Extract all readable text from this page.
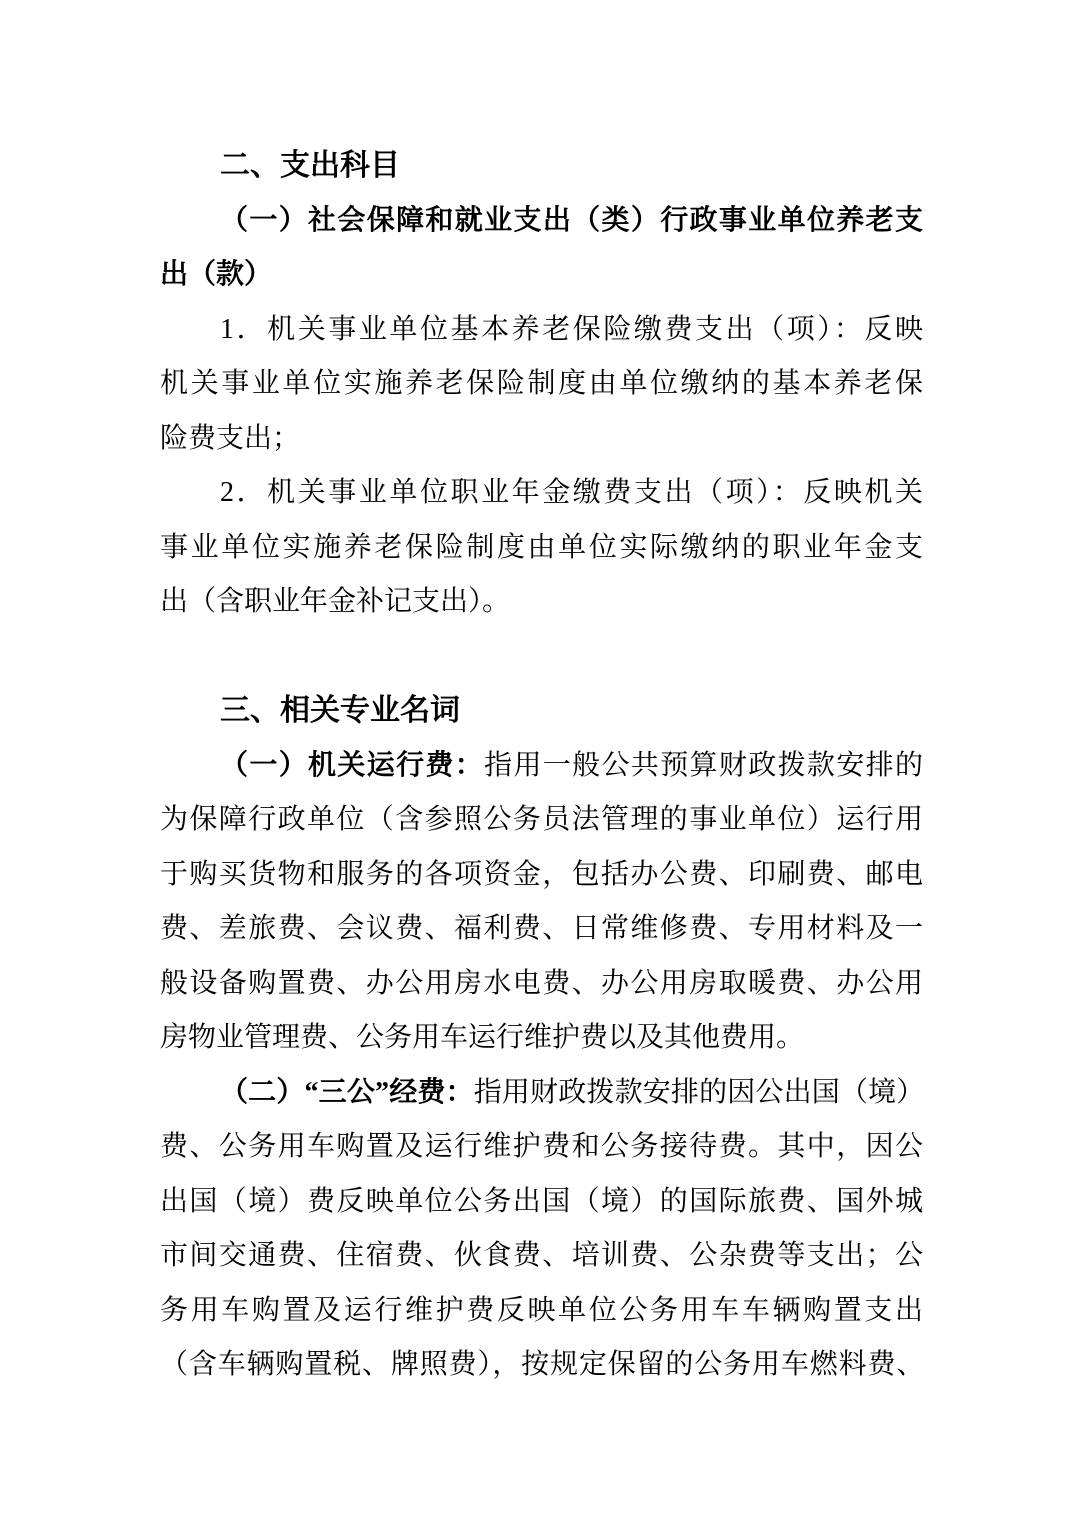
二、支出科目
（一）社会保障和就业支出（类）行政事业单位养老支
出（款）
1．机关事业单位基本养老保险缴费支出（项）：反映
机关事业单位实施养老保险制度由单位缴纳的基本养老保
险费支出；
2．机关事业单位职业年金缴费支出（项）：反映机关
事业单位实施养老保险制度由单位实际缴纳的职业年金支
出（含职业年金补记支出）。
三、相关专业名词
（一）机关运行费：指用一般公共预算财政拨款安排的
为保障行政单位（含参照公务员法管理的事业单位）运行用
于购买货物和服务的各项资金，包括办公费、印刷费、邮电
费、差旅费、会议费、福利费、日常维修费、专用材料及一
般设备购置费、办公用房水电费、办公用房取暖费、办公用
房物业管理费、公务用车运行维护费以及其他费用。
（二）“三公”经费：指用财政拨款安排的因公出国（境）
费、公务用车购置及运行维护费和公务接待费。其中，因公
出国（境）费反映单位公务出国（境）的国际旅费、国外城
市间交通费、住宿费、伙食费、培训费、公杂费等支出；公
务用车购置及运行维护费反映单位公务用车车辆购置支出
（含车辆购置税、牌照费），按规定保留的公务用车燃料费、
